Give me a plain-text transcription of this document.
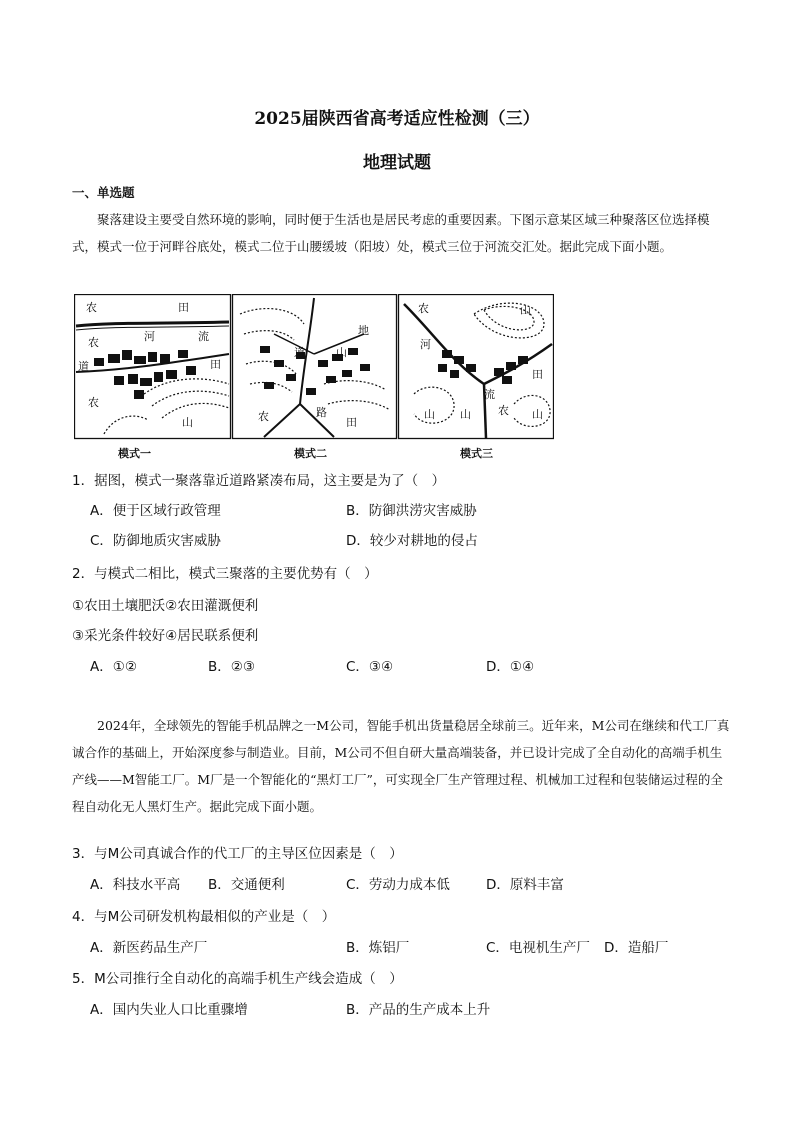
2025届陕西省高考适应性检测（三）
地理试题
一、单选题
聚落建设主要受自然环境的影响，同时便于生活也是居民考虑的重要因素。下图示意某区域三种聚落区位选择模式，模式一位于河畔谷底处，模式二位于山腰缓坡（阳坡）处，模式三位于河流交汇处。据此完成下面小题。
农	田
河	流
农
道	田
农
山
地
道	山
农	路
田
农	山
河
田
流
山 山 农 山
模式一	模式二	模式三
1．据图，模式一聚落靠近道路紧凑布局，这主要是为了（　）
A．便于区域行政管理	B．防御洪涝灾害威胁
C．防御地质灾害威胁	D．较少对耕地的侵占
2．与模式二相比，模式三聚落的主要优势有（　）
①农田土壤肥沃②农田灌溉便利
③采光条件较好④居民联系便利
A．①②	B．②③	C．③④	D．①④
2024年，全球领先的智能手机品牌之一M公司，智能手机出货量稳居全球前三。近年来，M公司在继续和代工厂真诚合作的基础上，开始深度参与制造业。目前，M公司不但自研大量高端装备，并已设计完成了全自动化的高端手机生产线——M智能工厂。M厂是一个智能化的“黑灯工厂”，可实现全厂生产管理过程、机械加工过程和包装储运过程的全程自动化无人黑灯生产。据此完成下面小题。
3．与M公司真诚合作的代工厂的主导区位因素是（　）
A．科技水平高 B．交通便利	C．劳动力成本低	D．原料丰富
4．与M公司研发机构最相似的产业是（　）
A．新医药品生产厂	B．炼铝厂	C．电视机生产厂 D．造船厂
5．M公司推行全自动化的高端手机生产线会造成（　）
A．国内失业人口比重骤增	B．产品的生产成本上升
